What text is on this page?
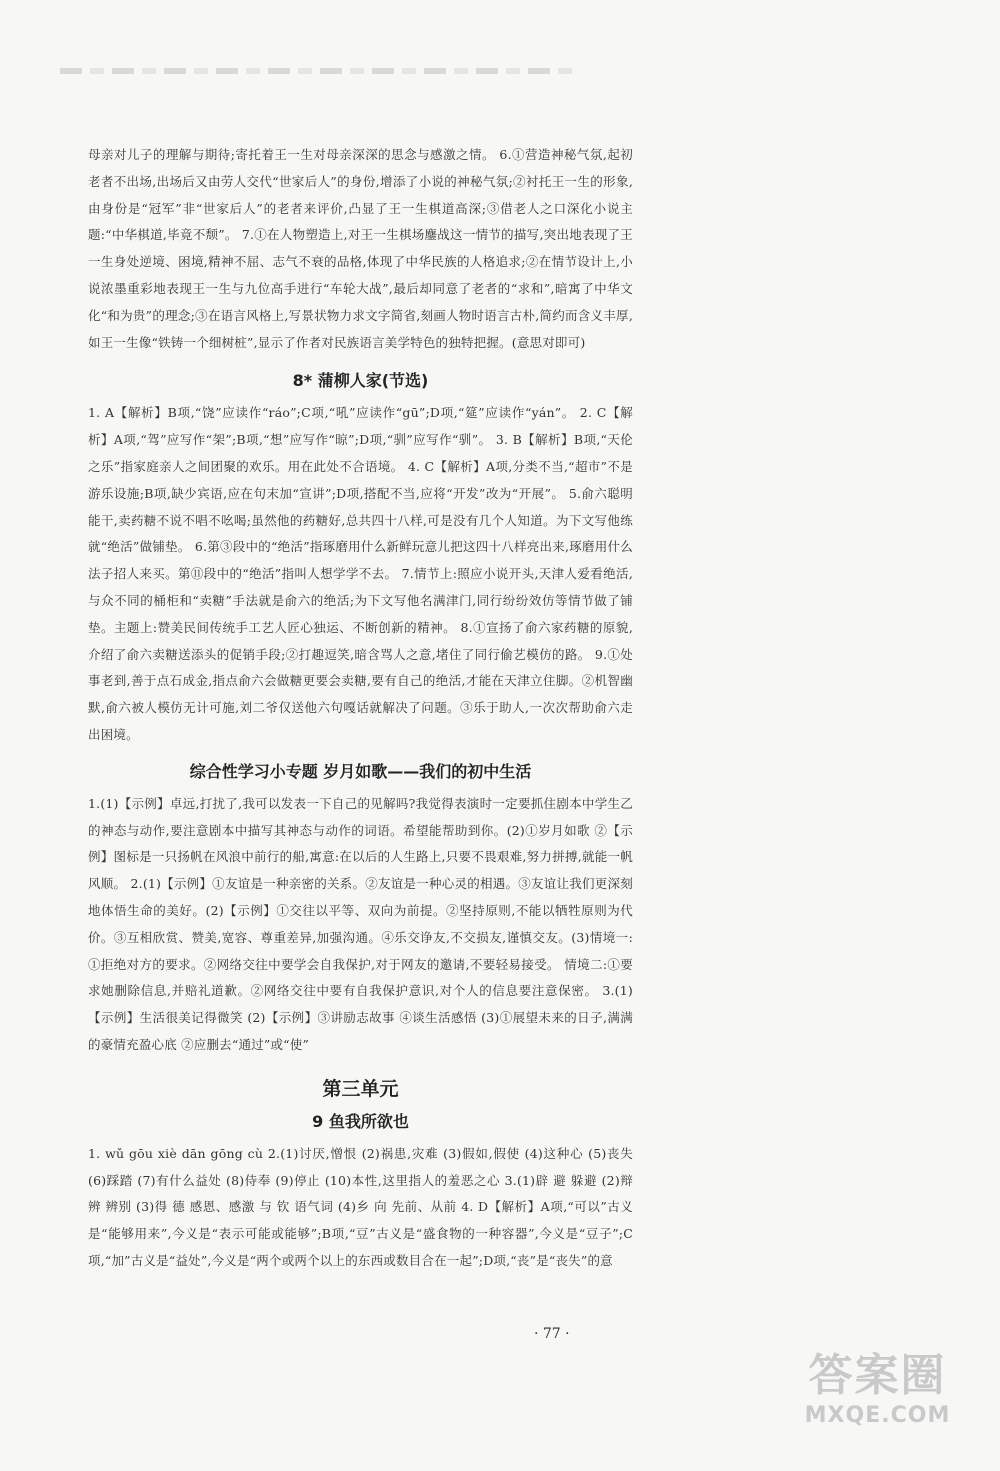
母亲对儿子的理解与期待;寄托着王一生对母亲深深的思念与感激之情。 6.①营造神秘气氛,起初老者不出场,出场后又由劳人交代“世家后人”的身份,增添了小说的神秘气氛;②衬托王一生的形象,由身份是“冠军”非“世家后人”的老者来评价,凸显了王一生棋道高深;③借老人之口深化小说主题:“中华棋道,毕竟不颓”。 7.①在人物塑造上,对王一生棋场鏖战这一情节的描写,突出地表现了王一生身处逆境、困境,精神不屈、志气不衰的品格,体现了中华民族的人格追求;②在情节设计上,小说浓墨重彩地表现王一生与九位高手进行“车轮大战”,最后却同意了老者的“求和”,暗寓了中华文化“和为贵”的理念;③在语言风格上,写景状物力求文字简省,刻画人物时语言古朴,简约而含义丰厚,如王一生像“铁铸一个细树桩”,显示了作者对民族语言美学特色的独特把握。(意思对即可)

8* 蒲柳人家(节选)

1. A【解析】B项,“饶”应读作“ráo”;C项,“吼”应读作“gū”;D项,“筵”应读作“yán”。 2. C【解析】A项,“驾”应写作“架”;B项,“想”应写作“晾”;D项,“驯”应写作“驯”。 3. B【解析】B项,“天伦之乐”指家庭亲人之间团聚的欢乐。用在此处不合语境。 4. C【解析】A项,分类不当,“超市”不是游乐设施;B项,缺少宾语,应在句末加“宣讲”;D项,搭配不当,应将“开发”改为“开展”。 5.俞六聪明能干,卖药糖不说不唱不吆喝;虽然他的药糖好,总共四十八样,可是没有几个人知道。为下文写他练就“绝活”做铺垫。 6.第③段中的“绝活”指琢磨用什么新鲜玩意儿把这四十八样亮出来,琢磨用什么法子招人来买。第⑪段中的“绝活”指叫人想学学不去。 7.情节上:照应小说开头,天津人爱看绝活,与众不同的桶柜和“卖糖”手法就是俞六的绝活;为下文写他名满津门,同行纷纷效仿等情节做了铺垫。主题上:赞美民间传统手工艺人匠心独运、不断创新的精神。 8.①宣扬了俞六家药糖的原貌,介绍了俞六卖糖送添头的促销手段;②打趣逗笑,暗含骂人之意,堵住了同行偷艺模仿的路。 9.①处事老到,善于点石成金,指点俞六会做糖更要会卖糖,要有自己的绝活,才能在天津立住脚。②机智幽默,俞六被人模仿无计可施,刘二爷仅送他六句嘎话就解决了问题。③乐于助人,一次次帮助俞六走出困境。

综合性学习小专题 岁月如歌——我们的初中生活

1.(1)【示例】卓远,打扰了,我可以发表一下自己的见解吗?我觉得表演时一定要抓住剧本中学生乙的神态与动作,要注意剧本中描写其神态与动作的词语。希望能帮助到你。(2)①岁月如歌 ②【示例】图标是一只扬帆在风浪中前行的船,寓意:在以后的人生路上,只要不畏艰难,努力拼搏,就能一帆风顺。 2.(1)【示例】①友谊是一种亲密的关系。②友谊是一种心灵的相遇。③友谊让我们更深刻地体悟生命的美好。(2)【示例】①交往以平等、双向为前提。②坚持原则,不能以牺牲原则为代价。③互相欣赏、赞美,宽容、尊重差异,加强沟通。④乐交诤友,不交损友,谨慎交友。(3)情境一:①拒绝对方的要求。②网络交往中要学会自我保护,对于网友的邀请,不要轻易接受。 情境二:①要求她删除信息,并赔礼道歉。②网络交往中要有自我保护意识,对个人的信息要注意保密。 3.(1)【示例】生活很美记得微笑 (2)【示例】③讲励志故事 ④谈生活感悟 (3)①展望未来的日子,满满的豪情充盈心底 ②应删去“通过”或“使”

第三单元
9 鱼我所欲也

1. wǔ gōu xiè dān gōng cù 2.(1)讨厌,憎恨 (2)祸患,灾难 (3)假如,假使 (4)这种心 (5)丧失 (6)踩踏 (7)有什么益处 (8)侍奉 (9)停止 (10)本性,这里指人的羞恶之心 3.(1)辟 避 躲避 (2)辩 辨 辨别 (3)得 德 感恩、感激 与 钦 语气词 (4)乡 向 先前、从前 4. D【解析】A项,“可以”古义是“能够用来”,今义是“表示可能或能够”;B项,“豆”古义是“盛食物的一种容器”,今义是“豆子”;C项,“加”古义是“益处”,今义是“两个或两个以上的东西或数目合在一起”;D项,“丧”是“丧失”的意

· 77 ·
答案圈
MXQE.COM
